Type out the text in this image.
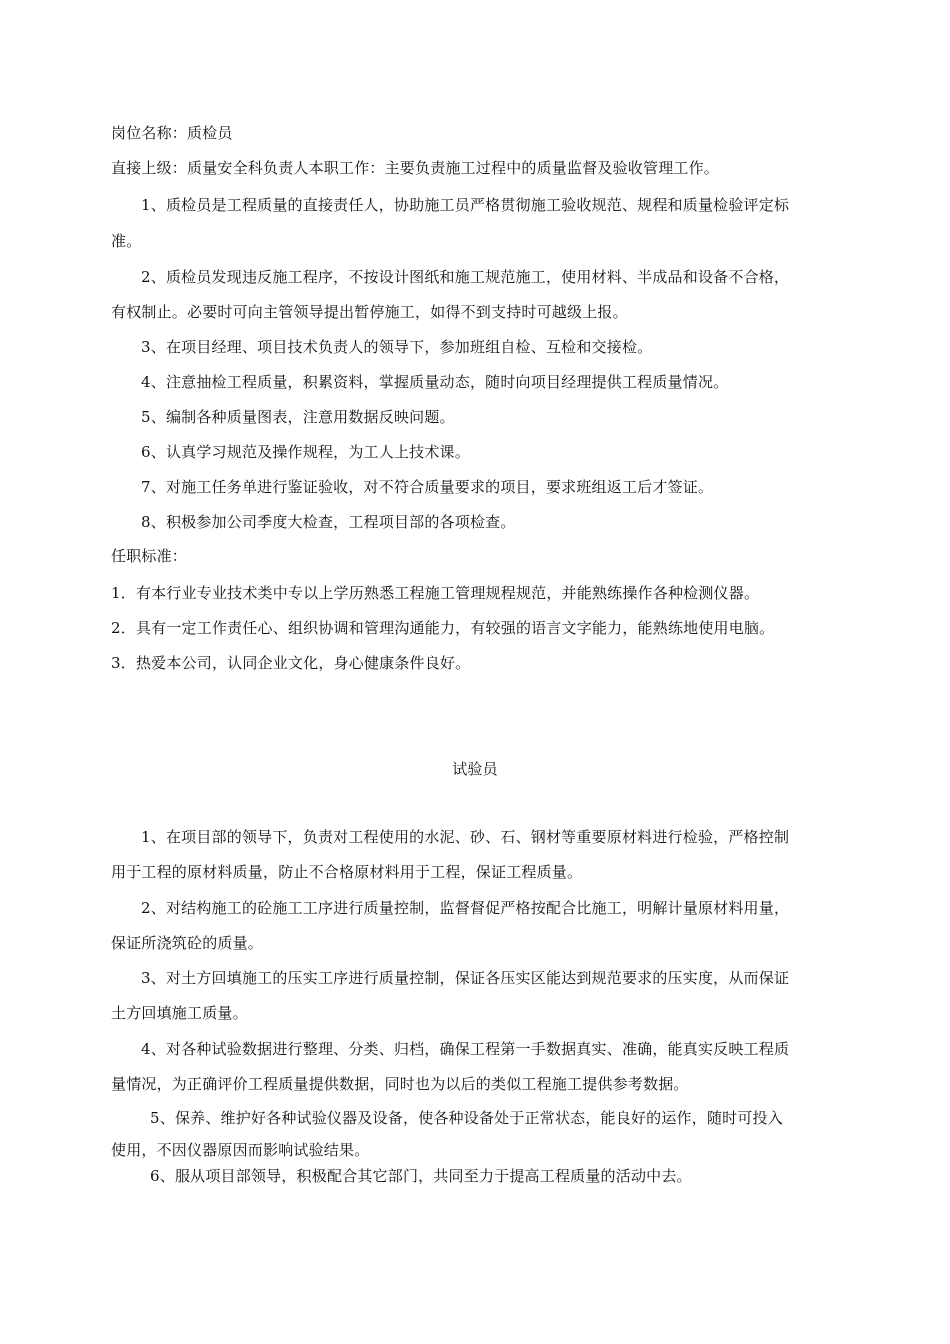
岗位名称：质检员
直接上级：质量安全科负责人本职工作：主要负责施工过程中的质量监督及验收管理工作。
1、质检员是工程质量的直接责任人，协助施工员严格贯彻施工验收规范、规程和质量检验评定标
准。
2、质检员发现违反施工程序，不按设计图纸和施工规范施工，使用材料、半成品和设备不合格，
有权制止。必要时可向主管领导提出暂停施工，如得不到支持时可越级上报。
3、在项目经理、项目技术负责人的领导下，参加班组自检、互检和交接检。
4、注意抽检工程质量，积累资料，掌握质量动态，随时向项目经理提供工程质量情况。
5、编制各种质量图表，注意用数据反映问题。
6、认真学习规范及操作规程，为工人上技术课。
7、对施工任务单进行鉴证验收，对不符合质量要求的项目，要求班组返工后才签证。
8、积极参加公司季度大检查，工程项目部的各项检查。
任职标准：
1．有本行业专业技术类中专以上学历熟悉工程施工管理规程规范，并能熟练操作各种检测仪器。
2．具有一定工作责任心、组织协调和管理沟通能力，有较强的语言文字能力，能熟练地使用电脑。
3．热爱本公司，认同企业文化，身心健康条件良好。
试验员
1、在项目部的领导下，负责对工程使用的水泥、砂、石、钢材等重要原材料进行检验，严格控制
用于工程的原材料质量，防止不合格原材料用于工程，保证工程质量。
2、对结构施工的砼施工工序进行质量控制，监督督促严格按配合比施工，明解计量原材料用量，
保证所浇筑砼的质量。
3、对土方回填施工的压实工序进行质量控制，保证各压实区能达到规范要求的压实度，从而保证
土方回填施工质量。
4、对各种试验数据进行整理、分类、归档，确保工程第一手数据真实、准确，能真实反映工程质
量情况，为正确评价工程质量提供数据，同时也为以后的类似工程施工提供参考数据。
5、保养、维护好各种试验仪器及设备，使各种设备处于正常状态，能良好的运作，随时可投入
使用，不因仪器原因而影响试验结果。
6、服从项目部领导，积极配合其它部门，共同至力于提高工程质量的活动中去。
